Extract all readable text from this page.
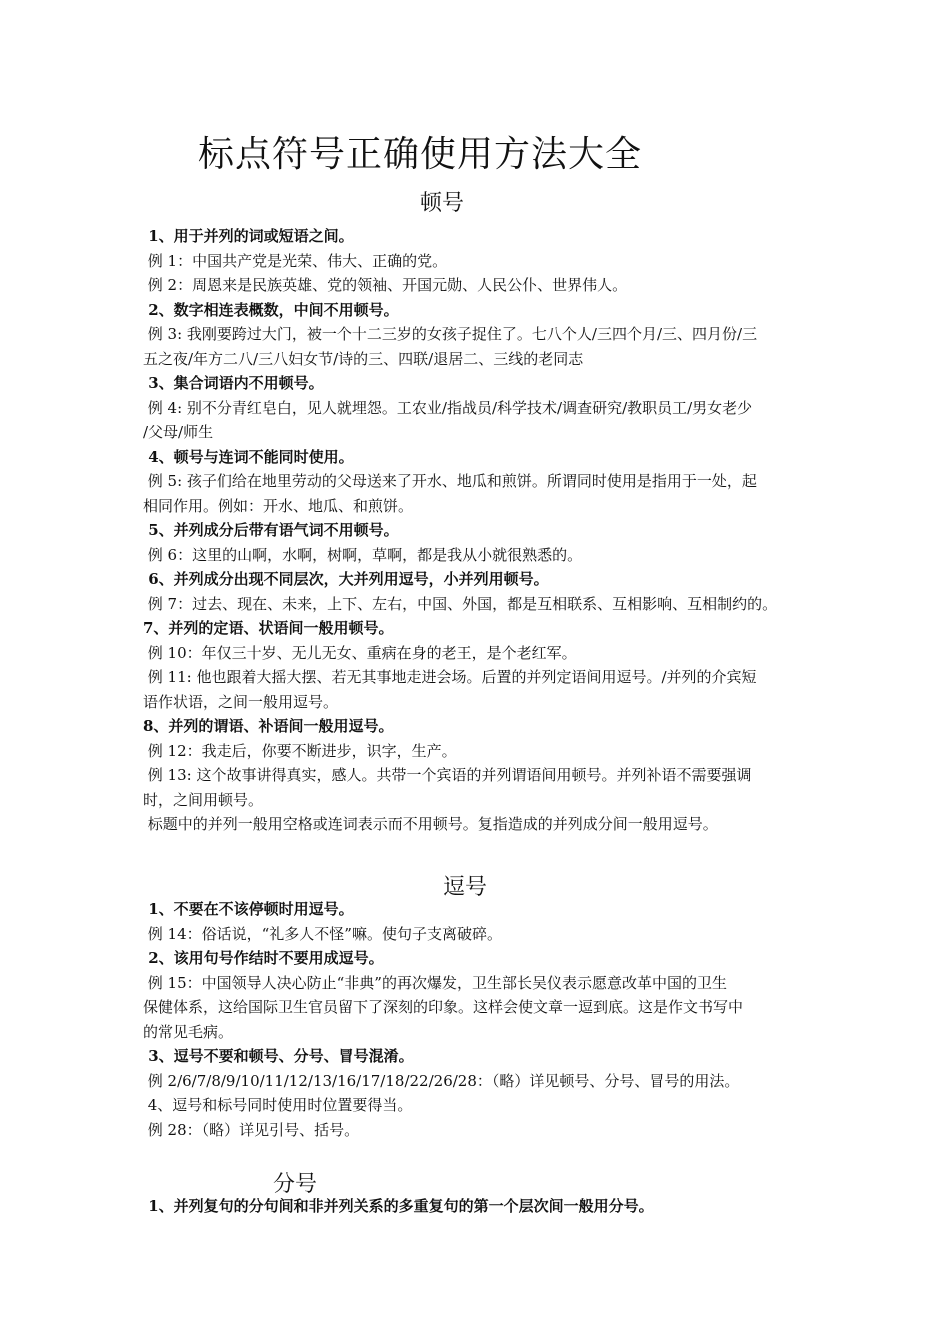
标点符号正确使用方法大全
顿号
1、用于并列的词或短语之间。
例 1：中国共产党是光荣、伟大、正确的党。
例 2：周恩来是民族英雄、党的领袖、开国元勋、人民公仆、世界伟人。
2、数字相连表概数，中间不用顿号。
例 3: 我刚要跨过大门，被一个十二三岁的女孩子捉住了。七八个人/三四个月/三、四月份/三
五之夜/年方二八/三八妇女节/诗的三、四联/退居二、三线的老同志
3、集合词语内不用顿号。
例 4: 别不分青红皂白，见人就埋怨。工农业/指战员/科学技术/调查研究/教职员工/男女老少
/父母/师生
4、顿号与连词不能同时使用。
例 5: 孩子们给在地里劳动的父母送来了开水、地瓜和煎饼。所谓同时使用是指用于一处，起
相同作用。例如：开水、地瓜、和煎饼。
5、并列成分后带有语气词不用顿号。
例 6：这里的山啊，水啊，树啊，草啊，都是我从小就很熟悉的。
6、并列成分出现不同层次，大并列用逗号，小并列用顿号。
例 7：过去、现在、未来，上下、左右，中国、外国，都是互相联系、互相影响、互相制约的。
7、并列的定语、状语间一般用顿号。
例 10：年仅三十岁、无儿无女、重病在身的老王，是个老红军。
例 11: 他也跟着大摇大摆、若无其事地走进会场。后置的并列定语间用逗号。/并列的介宾短
语作状语，之间一般用逗号。
8、并列的谓语、补语间一般用逗号。
例 12：我走后，你要不断进步，识字，生产。
例 13: 这个故事讲得真实，感人。共带一个宾语的并列谓语间用顿号。并列补语不需要强调
时，之间用顿号。
标题中的并列一般用空格或连词表示而不用顿号。复指造成的并列成分间一般用逗号。
逗号
1、不要在不该停顿时用逗号。
例 14：俗话说，“礼多人不怪”嘛。使句子支离破碎。
2、该用句号作结时不要用成逗号。
例 15：中国领导人决心防止“非典”的再次爆发，卫生部长吴仪表示愿意改革中国的卫生
保健体系，这给国际卫生官员留下了深刻的印象。这样会使文章一逗到底。这是作文书写中
的常见毛病。
3、逗号不要和顿号、分号、冒号混淆。
例 2/6/7/8/9/10/11/12/13/16/17/18/22/26/28：（略）详见顿号、分号、冒号的用法。
4、逗号和标号同时使用时位置要得当。
例 28：（略）详见引号、括号。
分号
1、并列复句的分句间和非并列关系的多重复句的第一个层次间一般用分号。
